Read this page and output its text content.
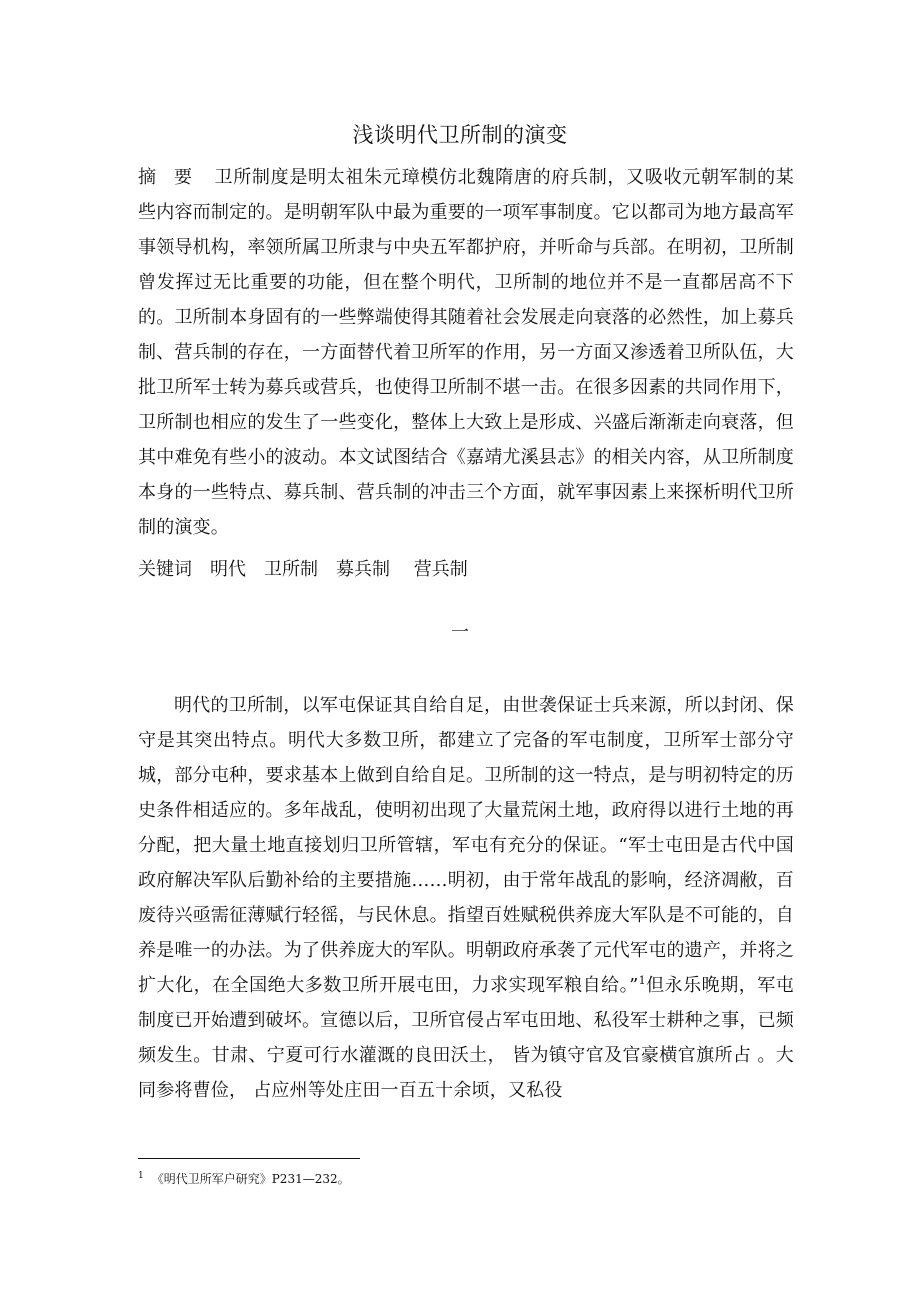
浅谈明代卫所制的演变
摘　要 卫所制度是明太祖朱元璋模仿北魏隋唐的府兵制，又吸收元朝军制的某些内容而制定的。是明朝军队中最为重要的一项军事制度。它以都司为地方最高军事领导机构，率领所属卫所隶与中央五军都护府，并听命与兵部。在明初，卫所制曾发挥过无比重要的功能，但在整个明代，卫所制的地位并不是一直都居高不下的。卫所制本身固有的一些弊端使得其随着社会发展走向衰落的必然性，加上募兵制、营兵制的存在，一方面替代着卫所军的作用，另一方面又渗透着卫所队伍，大批卫所军士转为募兵或营兵，也使得卫所制不堪一击。在很多因素的共同作用下，卫所制也相应的发生了一些变化，整体上大致上是形成、兴盛后渐渐走向衰落，但其中难免有些小的波动。本文试图结合《嘉靖尤溪县志》的相关内容，从卫所制度本身的一些特点、募兵制、营兵制的冲击三个方面，就军事因素上来探析明代卫所制的演变。
关键词　明代　卫所制　募兵制　 营兵制
一

明代的卫所制，以军屯保证其自给自足，由世袭保证士兵来源，所以封闭、保守是其突出特点。明代大多数卫所，都建立了完备的军屯制度，卫所军士部分守城，部分屯种，要求基本上做到自给自足。卫所制的这一特点，是与明初特定的历史条件相适应的。多年战乱，使明初出现了大量荒闲土地，政府得以进行土地的再分配，把大量土地直接划归卫所管辖，军屯有充分的保证。“军士屯田是古代中国政府解决军队后勤补给的主要措施……明初，由于常年战乱的影响，经济凋敝，百废待兴亟需征薄赋行轻徭，与民休息。指望百姓赋税供养庞大军队是不可能的，自养是唯一的办法。为了供养庞大的军队。明朝政府承袭了元代军屯的遗产，并将之扩大化，在全国绝大多数卫所开展屯田，力求实现军粮自给。”$^1$但永乐晚期，军屯制度已开始遭到破坏。宣德以后，卫所官侵占军屯田地、私役军士耕种之事，已频频发生。甘肃、宁夏可行水灌溉的良田沃土， 皆为镇守官及官豪横官旗所占 。大同参将曹俭， 占应州等处庄田一百五十余顷，又私役

$^1$ 《明代卫所军户研究》P231—232。
